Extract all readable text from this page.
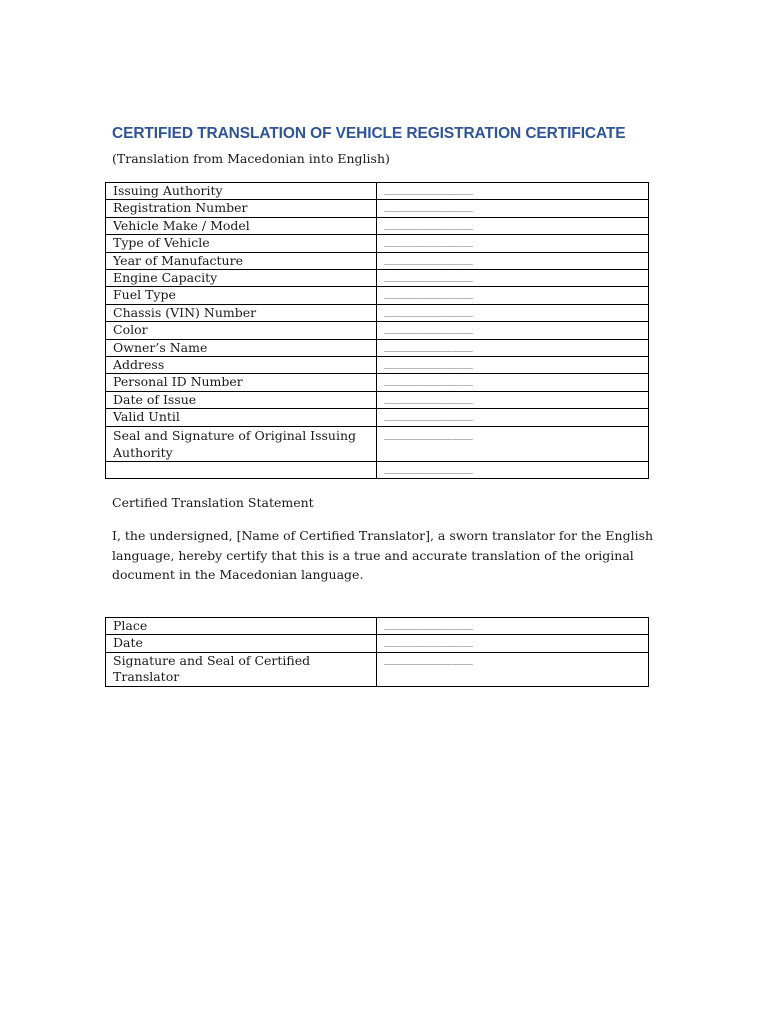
CERTIFIED TRANSLATION OF VEHICLE REGISTRATION CERTIFICATE
(Translation from Macedonian into English)
Issuing Authority	__________________________
Registration Number	__________________________
Vehicle Make / Model	__________________________
Type of Vehicle	__________________________
Year of Manufacture	__________________________
Engine Capacity	__________________________
Fuel Type	__________________________
Chassis (VIN) Number	__________________________
Color	__________________________
Owner’s Name	__________________________
Address	__________________________
Personal ID Number	__________________________
Date of Issue	__________________________
Valid Until	__________________________
Seal and Signature of Original Issuing Authority	__________________________
	__________________________
Certified Translation Statement
I, the undersigned, [Name of Certified Translator], a sworn translator for the English language, hereby certify that this is a true and accurate translation of the original document in the Macedonian language.
Place	__________________________
Date	__________________________
Signature and Seal of Certified Translator	__________________________
